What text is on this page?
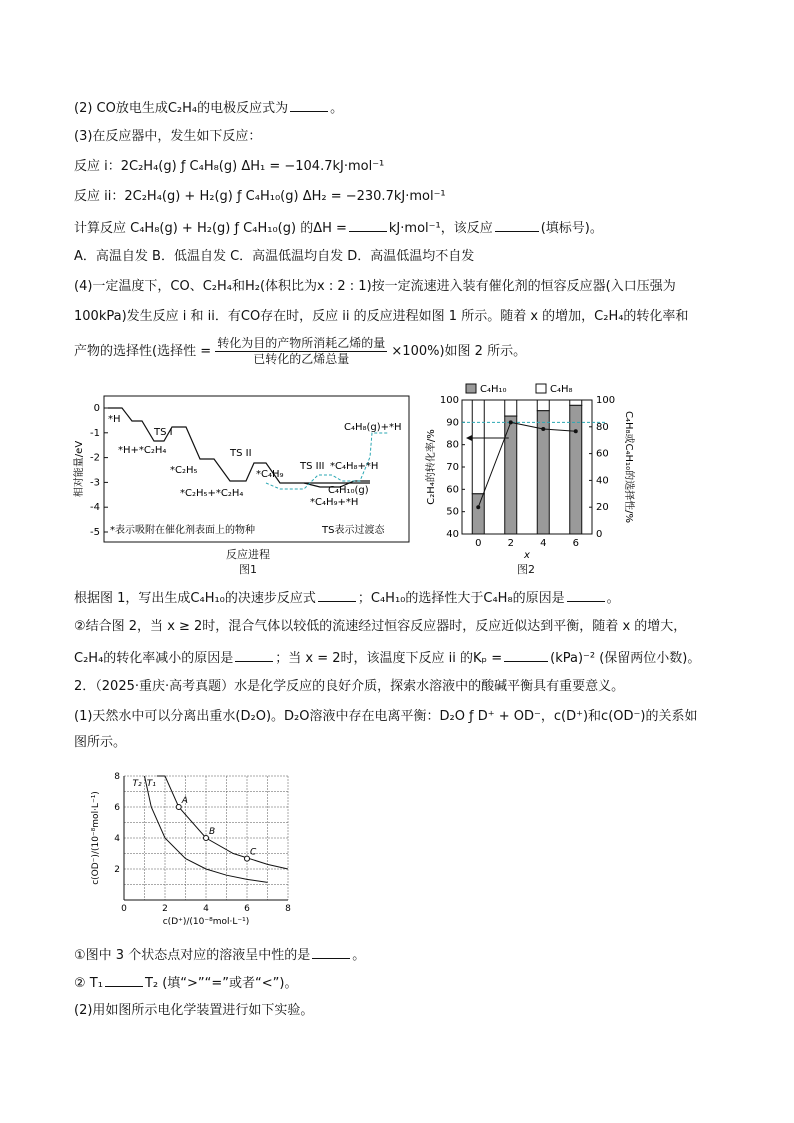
(2) CO放电生成C₂H₄的电极反应式为	。
(3)在反应器中，发生如下反应：
反应 i：2C₂H₄(g) ƒ C₄H₈(g) ΔH₁ = −104.7kJ·mol⁻¹
反应 ii：2C₂H₄(g) + H₂(g) ƒ C₄H₁₀(g) ΔH₂ = −230.7kJ·mol⁻¹
计算反应 C₄H₈(g) + H₂(g) ƒ C₄H₁₀(g) 的ΔH =	kJ·mol⁻¹，该反应	(填标号)。
A．高温自发 B．低温自发 C．高温低温均自发 D．高温低温均不自发
(4)一定温度下，CO、C₂H₄和H₂(体积比为x : 2 : 1)按一定流速进入装有催化剂的恒容反应器(入口压强为
100kPa)发生反应 i 和 ii．有CO存在时，反应 ii 的反应进程如图 1 所示。随着 x 的增加，C₂H₄的转化率和
产物的选择性(选择性 = $\frac{\text{转化为目的产物所消耗乙烯的量}}{\text{已转化的乙烯总量}} \times 100\%$)如图 2 所示。
相对能量/eV
0
-1
-2
-3
-4
-5
*H
*H+*C₂H₄
TS I
*C₂H₅
TS II
*C₂H₅+*C₂H₄
*C₄H₉
TS III
*C₄H₉+*H
*C₄H₈+*H
C₄H₁₀(g)
C₄H₈(g)+*H
*表示吸附在催化剂表面上的物种	TS表示过渡态
反应进程
图1
C₄H₁₀	C₄H₈
40
50
60
70
80
90
100
0
20
40
60
80
100
C₂H₄的转化率/%	C₄H₈或C₄H₁₀的选择性/%
0	2	4	6
x
图2
根据图 1，写出生成C₄H₁₀的决速步反应式	；C₄H₁₀的选择性大于C₄H₈的原因是	。
②结合图 2，当 x ≥ 2时，混合气体以较低的流速经过恒容反应器时，反应近似达到平衡，随着 x 的增大，
C₂H₄的转化率减小的原因是	；当 x = 2时，该温度下反应 ii 的Kₚ =	(kPa)⁻² (保留两位小数)。
2．（2025·重庆·高考真题）水是化学反应的良好介质，探索水溶液中的酸碱平衡具有重要意义。
(1)天然水中可以分离出重水(D₂O)。D₂O溶液中存在电离平衡：D₂O ƒ D⁺ + OD⁻，c(D⁺)和c(OD⁻)的关系如
图所示。
0	2	4	6	8
2
4
6
8
c(D⁺)/(10⁻⁸mol·L⁻¹)
c(OD⁻)/(10⁻⁸mol·L⁻¹)
T₁
T₂
A
B
C
①图中 3 个状态点对应的溶液呈中性的是	。
② T₁	T₂ (填“>”“=”或者“<”)。
(2)用如图所示电化学装置进行如下实验。
